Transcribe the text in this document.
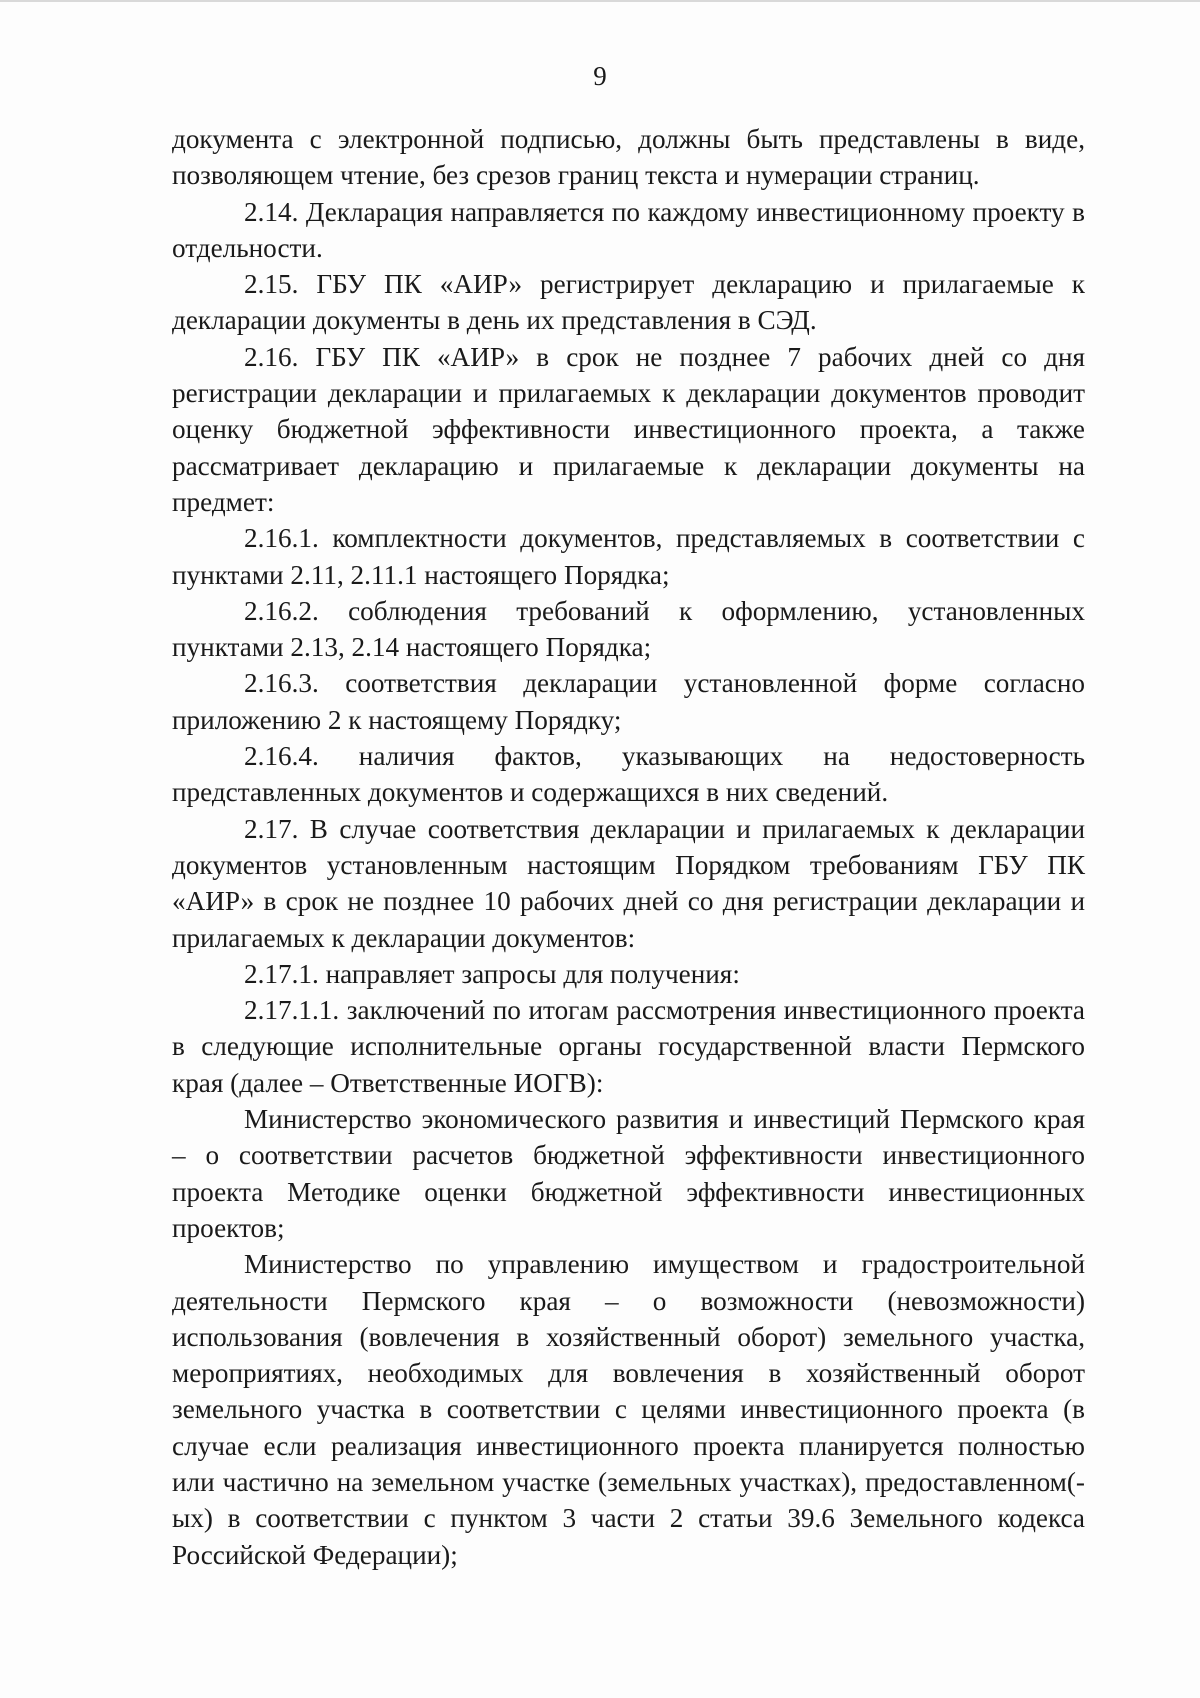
9

документа с электронной подписью, должны быть представлены в виде, позволяющем чтение, без срезов границ текста и нумерации страниц.

2.14. Декларация направляется по каждому инвестиционному проекту в отдельности.

2.15. ГБУ ПК «АИР» регистрирует декларацию и прилагаемые к декларации документы в день их представления в СЭД.

2.16. ГБУ ПК «АИР» в срок не позднее 7 рабочих дней со дня регистрации декларации и прилагаемых к декларации документов проводит оценку бюджетной эффективности инвестиционного проекта, а также рассматривает декларацию и прилагаемые к декларации документы на предмет:

2.16.1. комплектности документов, представляемых в соответствии с пунктами 2.11, 2.11.1 настоящего Порядка;

2.16.2. соблюдения требований к оформлению, установленных пунктами 2.13, 2.14 настоящего Порядка;

2.16.3. соответствия декларации установленной форме согласно приложению 2 к настоящему Порядку;

2.16.4. наличия фактов, указывающих на недостоверность представленных документов и содержащихся в них сведений.

2.17. В случае соответствия декларации и прилагаемых к декларации документов установленным настоящим Порядком требованиям ГБУ ПК «АИР» в срок не позднее 10 рабочих дней со дня регистрации декларации и прилагаемых к декларации документов:

2.17.1. направляет запросы для получения:

2.17.1.1. заключений по итогам рассмотрения инвестиционного проекта в следующие исполнительные органы государственной власти Пермского края (далее – Ответственные ИОГВ):

Министерство экономического развития и инвестиций Пермского края – о соответствии расчетов бюджетной эффективности инвестиционного проекта Методике оценки бюджетной эффективности инвестиционных проектов;

Министерство по управлению имуществом и градостроительной деятельности Пермского края – о возможности (невозможности) использования (вовлечения в хозяйственный оборот) земельного участка, мероприятиях, необходимых для вовлечения в хозяйственный оборот земельного участка в соответствии с целями инвестиционного проекта (в случае если реализация инвестиционного проекта планируется полностью или частично на земельном участке (земельных участках), предоставленном(-ых) в соответствии с пунктом 3 части 2 статьи 39.6 Земельного кодекса Российской Федерации);
